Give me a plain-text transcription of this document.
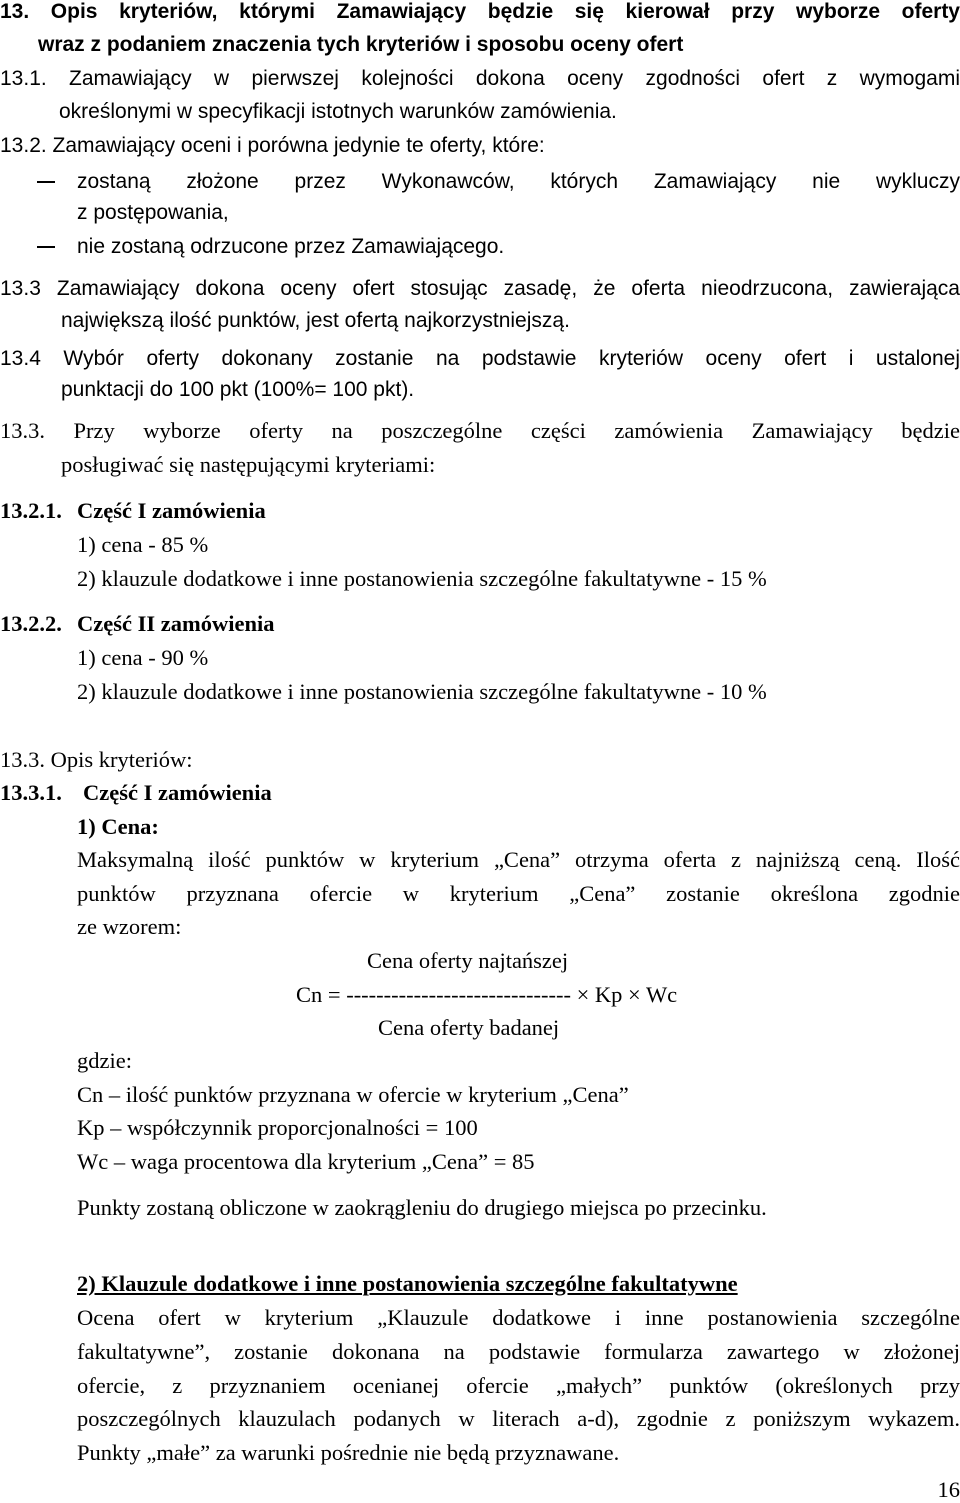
13. Opis kryteriów, którymi Zamawiający będzie się kierował przy wyborze oferty
wraz z podaniem znaczenia tych kryteriów i sposobu oceny ofert
13.1. Zamawiający w pierwszej kolejności dokona oceny zgodności ofert z wymogami
określonymi w specyfikacji istotnych warunków zamówienia.
13.2. Zamawiający oceni i porówna jedynie te oferty, które:
zostaną złożone przez Wykonawców, których Zamawiający nie wykluczy
z postępowania,
nie zostaną odrzucone przez Zamawiającego.
13.3 Zamawiający dokona oceny ofert stosując zasadę, że oferta nieodrzucona, zawierająca
największą ilość punktów, jest ofertą najkorzystniejszą.
13.4 Wybór oferty dokonany zostanie na podstawie kryteriów oceny ofert i ustalonej
punktacji do 100 pkt (100%= 100 pkt).
13.3. Przy wyborze oferty na poszczególne części zamówienia Zamawiający będzie
posługiwać się następującymi kryteriami:
13.2.1. Część I zamówienia
1) cena - 85 %
2) klauzule dodatkowe i inne postanowienia szczególne fakultatywne - 15 %
13.2.2. Część II zamówienia
1) cena - 90 %
2) klauzule dodatkowe i inne postanowienia szczególne fakultatywne - 10 %
13.3. Opis kryteriów:
13.3.1. Część I zamówienia
1) Cena:
Maksymalną ilość punktów w kryterium „Cena” otrzyma oferta z najniższą ceną. Ilość
punktów przyznana ofercie w kryterium „Cena” zostanie określona zgodnie
ze wzorem:
Cena oferty najtańszej
Cn = ------------------------------ × Kp × Wc
Cena oferty badanej
gdzie:
Cn – ilość punktów przyznana w ofercie w kryterium „Cena”
Kp – współczynnik proporcjonalności = 100
Wc – waga procentowa dla kryterium „Cena” = 85
Punkty zostaną obliczone w zaokrągleniu do drugiego miejsca po przecinku.
2) Klauzule dodatkowe i inne postanowienia szczególne fakultatywne
Ocena ofert w kryterium „Klauzule dodatkowe i inne postanowienia szczególne
fakultatywne”, zostanie dokonana na podstawie formularza zawartego w złożonej
ofercie, z przyznaniem ocenianej ofercie „małych” punktów (określonych przy
poszczególnych klauzulach podanych w literach a-d), zgodnie z poniższym wykazem.
Punkty „małe” za warunki pośrednie nie będą przyznawane.
16
